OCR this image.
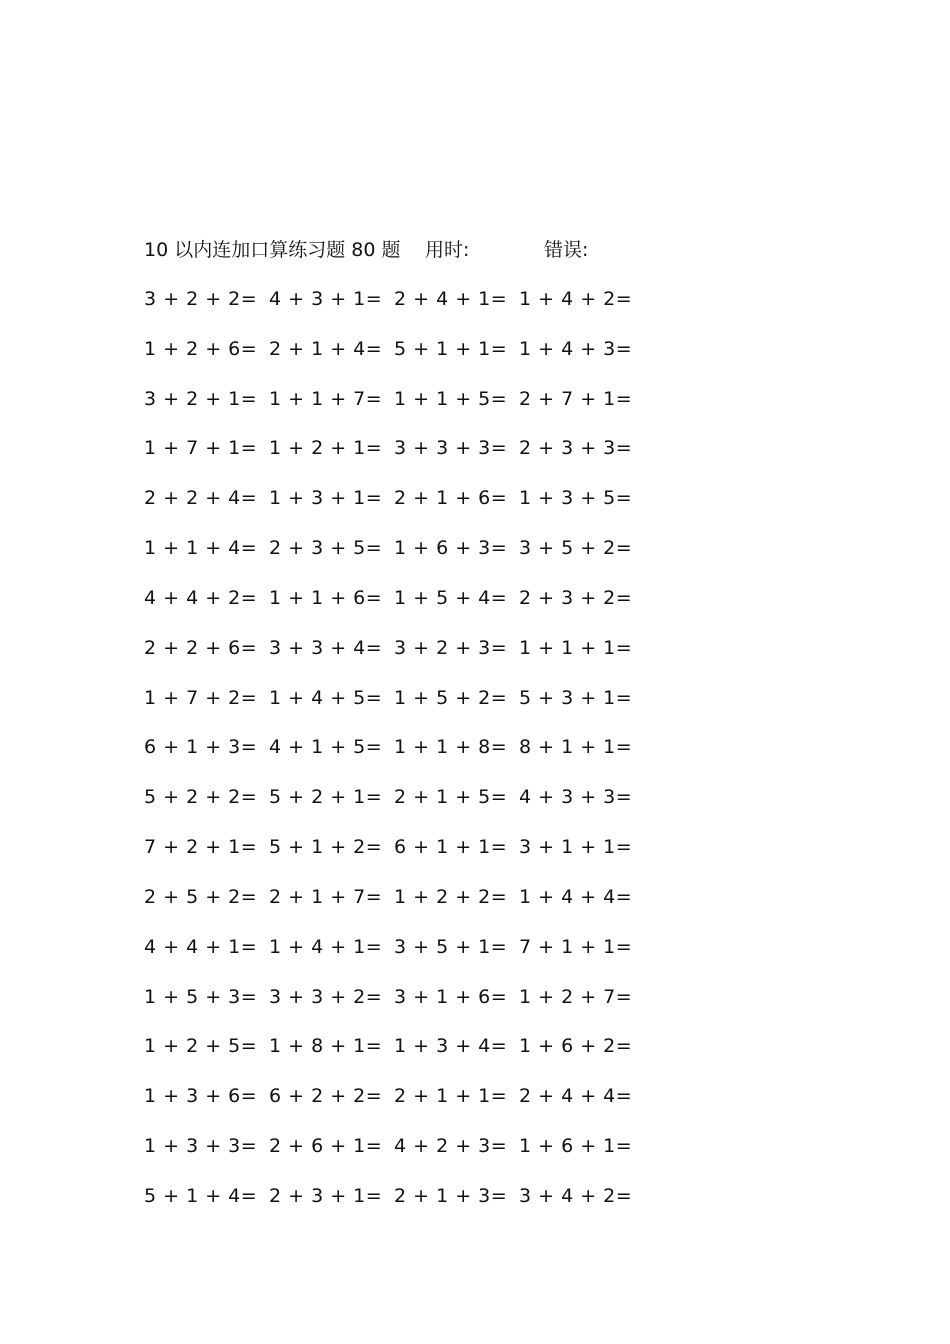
10 以内连加口算练习题 80 题 用时:	错误:
3 + 2 + 2= 4 + 3 + 1= 2 + 4 + 1= 1 + 4 + 2=
1 + 2 + 6= 2 + 1 + 4= 5 + 1 + 1= 1 + 4 + 3=
3 + 2 + 1= 1 + 1 + 7= 1 + 1 + 5= 2 + 7 + 1=
1 + 7 + 1= 1 + 2 + 1= 3 + 3 + 3= 2 + 3 + 3=
2 + 2 + 4= 1 + 3 + 1= 2 + 1 + 6= 1 + 3 + 5=
1 + 1 + 4= 2 + 3 + 5= 1 + 6 + 3= 3 + 5 + 2=
4 + 4 + 2= 1 + 1 + 6= 1 + 5 + 4= 2 + 3 + 2=
2 + 2 + 6= 3 + 3 + 4= 3 + 2 + 3= 1 + 1 + 1=
1 + 7 + 2= 1 + 4 + 5= 1 + 5 + 2= 5 + 3 + 1=
6 + 1 + 3= 4 + 1 + 5= 1 + 1 + 8= 8 + 1 + 1=
5 + 2 + 2= 5 + 2 + 1= 2 + 1 + 5= 4 + 3 + 3=
7 + 2 + 1= 5 + 1 + 2= 6 + 1 + 1= 3 + 1 + 1=
2 + 5 + 2= 2 + 1 + 7= 1 + 2 + 2= 1 + 4 + 4=
4 + 4 + 1= 1 + 4 + 1= 3 + 5 + 1= 7 + 1 + 1=
1 + 5 + 3= 3 + 3 + 2= 3 + 1 + 6= 1 + 2 + 7=
1 + 2 + 5= 1 + 8 + 1= 1 + 3 + 4= 1 + 6 + 2=
1 + 3 + 6= 6 + 2 + 2= 2 + 1 + 1= 2 + 4 + 4=
1 + 3 + 3= 2 + 6 + 1= 4 + 2 + 3= 1 + 6 + 1=
5 + 1 + 4= 2 + 3 + 1= 2 + 1 + 3= 3 + 4 + 2=
